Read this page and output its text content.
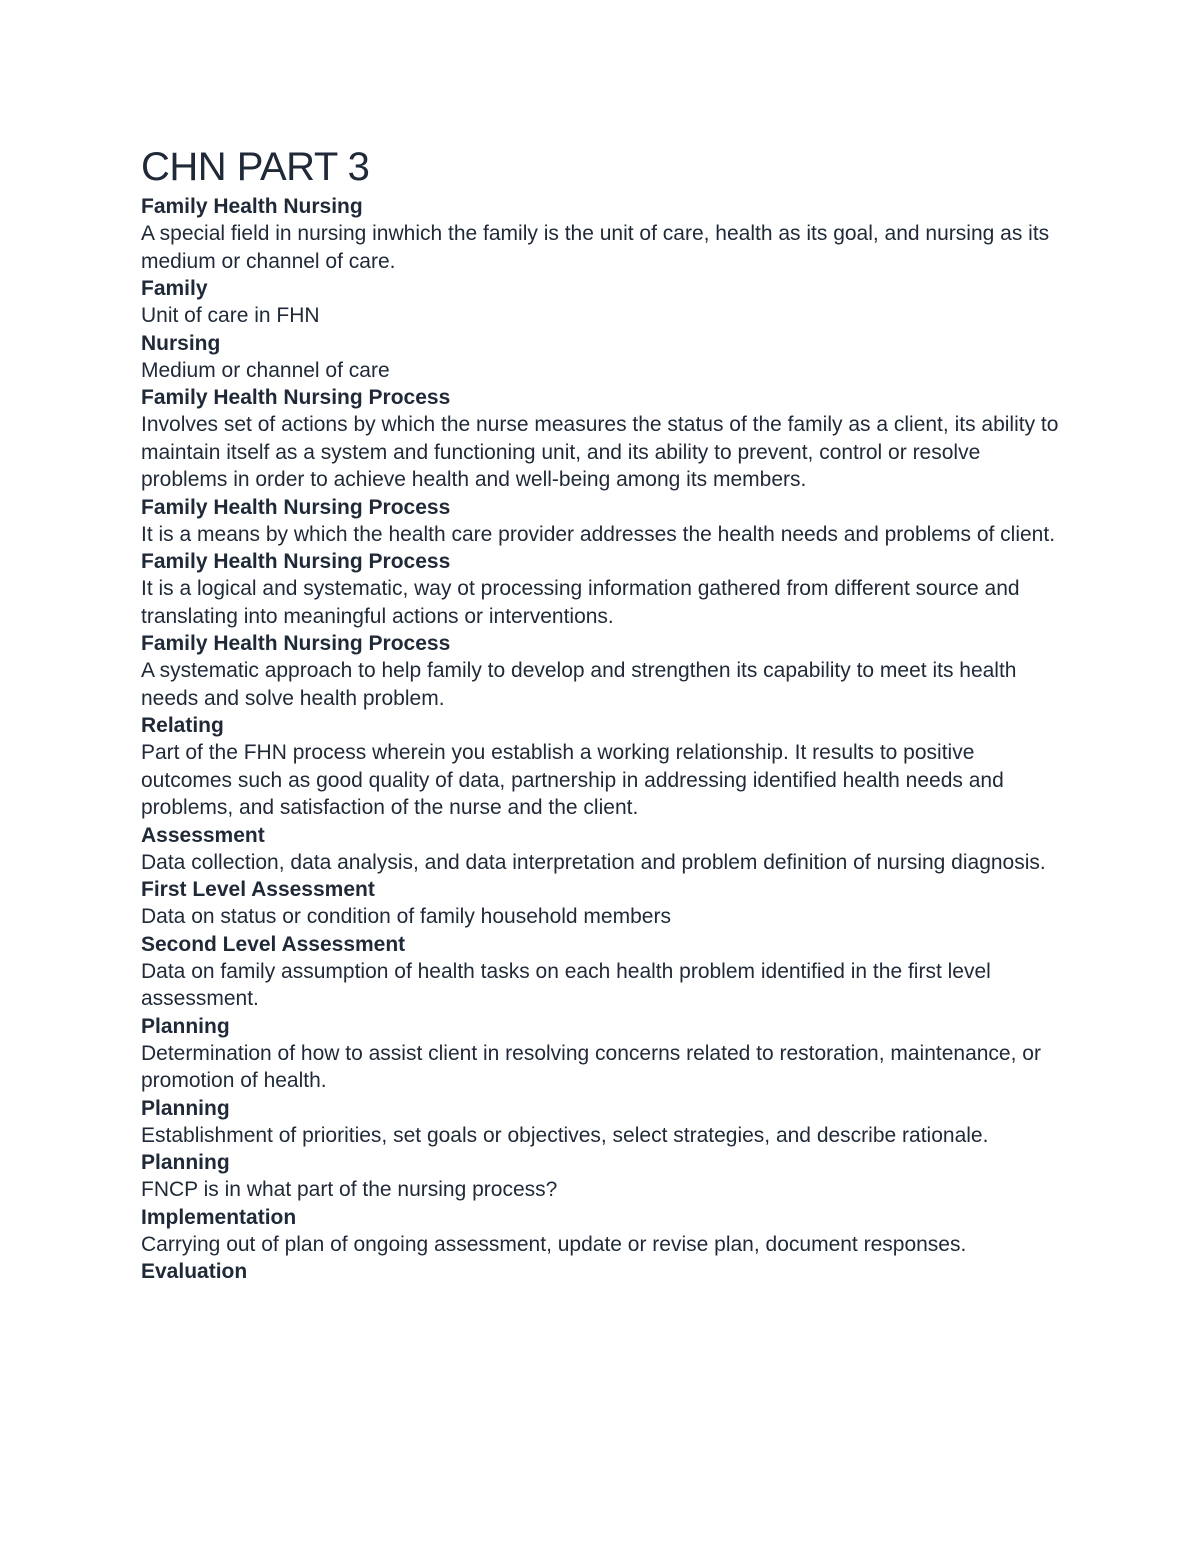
CHN PART 3

Family Health Nursing

A special field in nursing inwhich the family is the unit of care, health as its goal, and nursing as its medium or channel of care.

Family

Unit of care in FHN

Nursing

Medium or channel of care

Family Health Nursing Process

Involves set of actions by which the nurse measures the status of the family as a client, its ability to maintain itself as a system and functioning unit, and its ability to prevent, control or resolve problems in order to achieve health and well-being among its members.

Family Health Nursing Process

It is a means by which the health care provider addresses the health needs and problems of client.

Family Health Nursing Process

It is a logical and systematic, way ot processing information gathered from different source and translating into meaningful actions or interventions.

Family Health Nursing Process

A systematic approach to help family to develop and strengthen its capability to meet its health needs and solve health problem.

Relating

Part of the FHN process wherein you establish a working relationship. It results to positive outcomes such as good quality of data, partnership in addressing identified health needs and problems, and satisfaction of the nurse and the client.

Assessment

Data collection, data analysis, and data interpretation and problem definition of nursing diagnosis.

First Level Assessment

Data on status or condition of family household members

Second Level Assessment

Data on family assumption of health tasks on each health problem identified in the first level assessment.

Planning

Determination of how to assist client in resolving concerns related to restoration, maintenance, or promotion of health.

Planning

Establishment of priorities, set goals or objectives, select strategies, and describe rationale.

Planning

FNCP is in what part of the nursing process?

Implementation

Carrying out of plan of ongoing assessment, update or revise plan, document responses.

Evaluation
